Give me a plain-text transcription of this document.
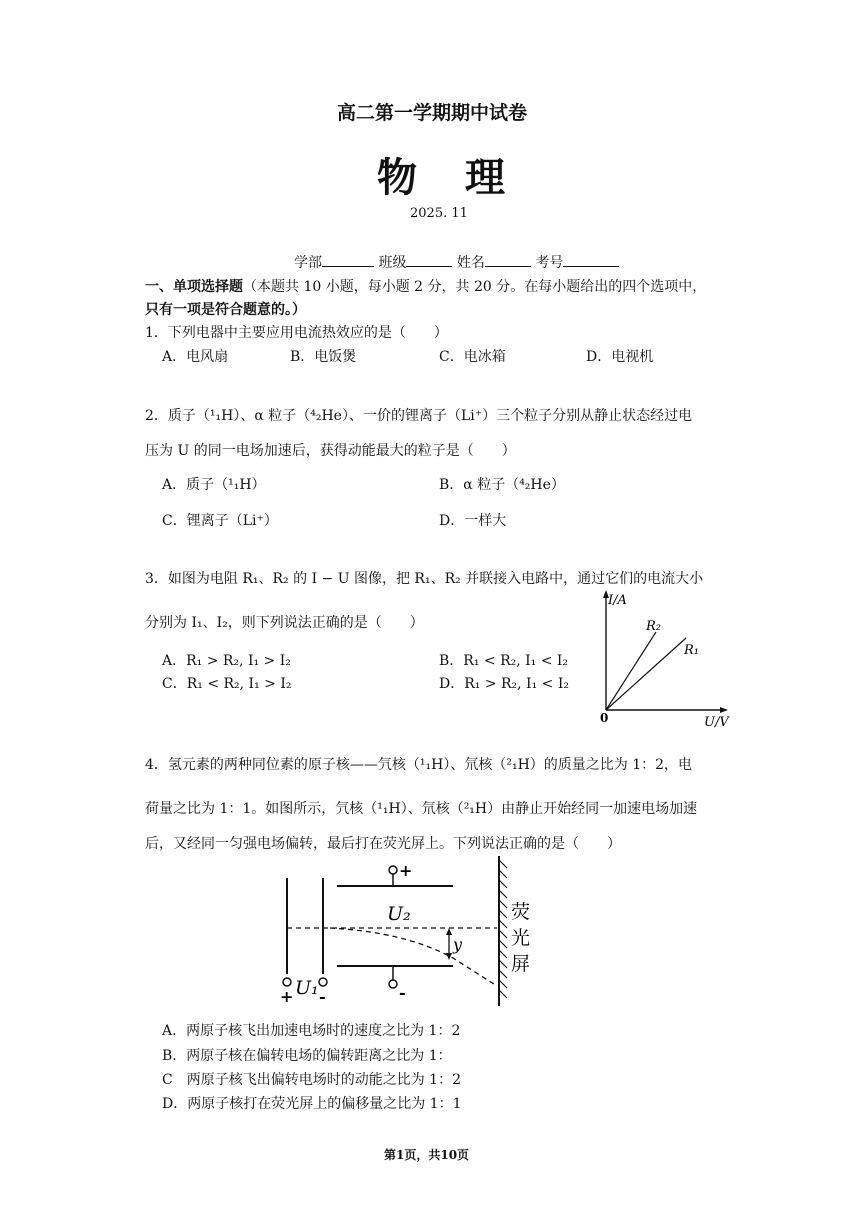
高二第一学期期中试卷
物理
2025. 11
学部	班级	姓名	考号
一、单项选择题（本题共 10 小题，每小题 2 分，共 20 分。在每小题给出的四个选项中，
只有一项是符合题意的。）
1．下列电器中主要应用电流热效应的是（　　）
A．电风扇	B．电饭煲	C．电冰箱	D．电视机
2．质子（¹₁H）、α 粒子（⁴₂He）、一价的锂离子（Li⁺）三个粒子分别从静止状态经过电
压为 U 的同一电场加速后，获得动能最大的粒子是（　　）
A．质子（¹₁H）	B．α 粒子（⁴₂He）
C．锂离子（Li⁺）	D．一样大
3．如图为电阻 R₁、R₂ 的 I − U 图像，把 R₁、R₂ 并联接入电路中，通过它们的电流大小
分别为 I₁、I₂，则下列说法正确的是（　　）
A．R₁ > R₂, I₁ > I₂	B．R₁ < R₂, I₁ < I₂
C．R₁ < R₂, I₁ > I₂	D．R₁ > R₂, I₁ < I₂
I/A
U/V
0
R₂
R₁
4．氢元素的两种同位素的原子核——氕核（¹₁H）、氘核（²₁H）的质量之比为 1：2，电
荷量之比为 1：1。如图所示，氕核（¹₁H）、氘核（²₁H）由静止开始经同一加速电场加速
后，又经同一匀强电场偏转，最后打在荧光屏上。下列说法正确的是（　　）
+ -
U₁
+
-
U₂
y
荧
光
屏
A．两原子核飞出加速电场时的速度之比为 1：2
B．两原子核在偏转电场的偏转距离之比为 1：
C　两原子核飞出偏转电场时的动能之比为 1：2
D．两原子核打在荧光屏上的偏移量之比为 1：1
第1页，共10页
